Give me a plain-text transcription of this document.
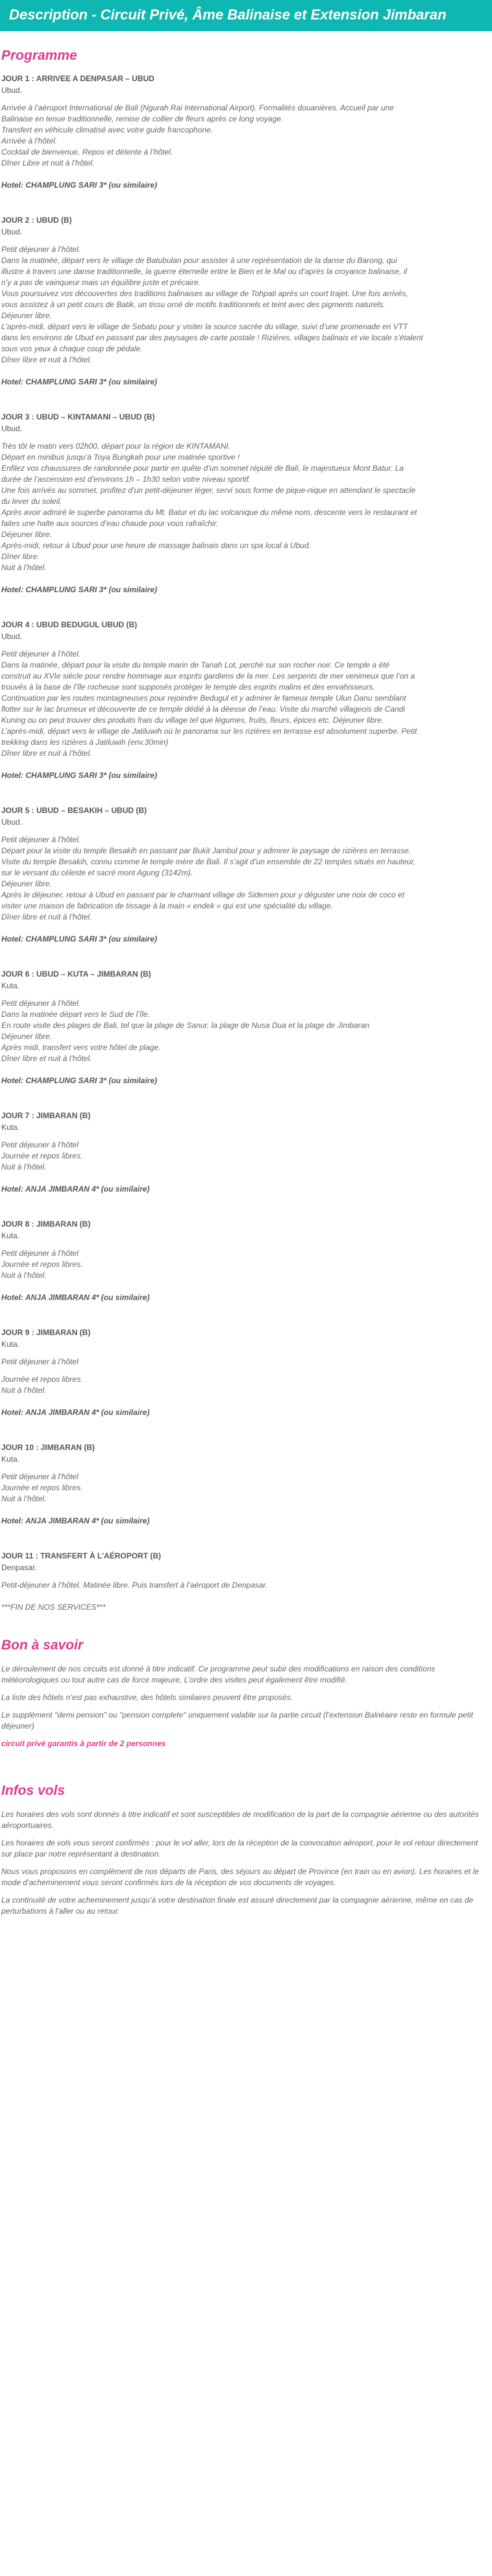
Description - Circuit Privé, Âme Balinaise et Extension Jimbaran
Programme
JOUR 1 : ARRIVEE A DENPASAR – UBUD
Ubud.
Arrivée à l’aéroport International de Bali (Ngurah Rai International Airport). Formalités douanières. Accueil par une
Balinaise en tenue traditionnelle, remise de collier de fleurs après ce long voyage.
Transfert en véhicule climatisé avec votre guide francophone.
Arrivée à l’hôtel.
Cocktail de bienvenue, Repos et détente à l’hôtel.
Dîner Libre et nuit à l’hôtel.
Hotel: CHAMPLUNG SARI 3* (ou similaire)
JOUR 2 : UBUD (B)
Ubud.
Petit déjeuner à l’hôtel.
Dans la matinée, départ vers le village de Batubulan pour assister à une représentation de la danse du Barong, qui
illustre à travers une danse traditionnelle, la guerre éternelle entre le Bien et le Mal ou d’après la croyance balinaise, il
n’y a pas de vainqueur mais un équilibre juste et précaire.
Vous poursuivez vos découvertes des traditions balinaises au village de Tohpati après un court trajet. Une fois arrivés,
vous assistez à un petit cours de Batik, un tissu orné de motifs traditionnels et teint avec des pigments naturels.
Déjeuner libre.
L’après-midi, départ vers le village de Sebatu pour y visiter la source sacrée du village, suivi d’une promenade en VTT
dans les environs de Ubud en passant par des paysages de carte postale ! Rizières, villages balinais et vie locale s’étalent
sous vos yeux à chaque coup de pédale.
Dîner libre et nuit à l’hôtel.
Hotel: CHAMPLUNG SARI 3* (ou similaire)
JOUR 3 : UBUD – KINTAMANI – UBUD (B)
Ubud.
Très tôt le matin vers 02h00, départ pour la région de KINTAMANI.
Départ en minibus jusqu’à Toya Bungkah pour une matinée sportive !
Enfilez vos chaussures de randonnée pour partir en quête d’un sommet réputé de Bali, le majestueux Mont Batur. La
durée de l’ascension est d’environs 1h – 1h30 selon votre niveau sportif.
Une fois arrivés au sommet, profitez d’un petit-déjeuner léger, servi sous forme de pique-nique en attendant le spectacle
du lever du soleil.
Après avoir admiré le superbe panorama du Mt. Batur et du lac volcanique du même nom, descente vers le restaurant et
faites une halte aux sources d’eau chaude pour vous rafraîchir.
Déjeuner libre.
Après-midi, retour à Ubud pour une heure de massage balinais dans un spa local à Ubud.
Dîner libre.
Nuit à l’hôtel.
Hotel: CHAMPLUNG SARI 3* (ou similaire)
JOUR 4 : UBUD BEDUGUL UBUD (B)
Ubud.
Petit déjeuner à l’hôtel.
Dans la matinée, départ pour la visite du temple marin de Tanah Lot, perché sur son rocher noir. Ce temple a été
construit au XVIe siècle pour rendre hommage aux esprits gardiens de la mer. Les serpents de mer venimeux que l’on a
trouvés à la base de l’île rocheuse sont supposés protéger le temple des esprits malins et des envahisseurs.
Continuation par les routes montagneuses pour rejoindre Bedugul et y admirer le fameux temple Ulun Danu semblant
flotter sur le lac brumeux et découverte de ce temple dédié à la déesse de l’eau. Visite du marché villageois de Candi
Kuning ou on peut trouver des produits frais du village tel que légumes, fruits, fleurs, épices etc. Déjeuner libre.
L’après-midi, départ vers le village de Jatiluwih où le panorama sur les rizières en terrasse est absolument superbe. Petit
trekking dans les rizières à Jatiluwih (env.30min)
Dîner libre et nuit à l’hôtel.
Hotel: CHAMPLUNG SARI 3* (ou similaire)
JOUR 5 : UBUD – BESAKIH – UBUD (B)
Ubud.
Petit déjeuner à l’hôtel.
Départ pour la visite du temple Besakih en passant par Bukit Jambul pour y admirer le paysage de rizières en terrasse.
Visite du temple Besakih, connu comme le temple mère de Bali. Il s’agit d’un ensemble de 22 temples situés en hauteur,
sur le versant du céleste et sacré mont Agung (3142m).
Déjeuner libre.
Après le déjeuner, retour à Ubud en passant par le charmant village de Sidemen pour y déguster une noix de coco et
visiter une maison de fabrication de tissage à la main « endek » qui est une spécialité du village.
Dîner libre et nuit à l’hôtel.
Hotel: CHAMPLUNG SARI 3* (ou similaire)
JOUR 6 : UBUD – KUTA – JIMBARAN (B)
Kuta.
Petit déjeuner à l’hôtel.
Dans la matinée départ vers le Sud de l’île.
En route visite des plages de Bali, tel que la plage de Sanur, la plage de Nusa Dua et la plage de Jimbaran
Déjeuner libre.
Après midi, transfert vers votre hôtel de plage.
Dîner libre et nuit à l’hôtel.
Hotel: CHAMPLUNG SARI 3* (ou similaire)
JOUR 7 : JIMBARAN (B)
Kuta.
Petit déjeuner à l’hôtel
Journée et repos libres.
Nuit à l’hôtel.
Hotel: ANJA JIMBARAN 4* (ou similaire)
JOUR 8 : JIMBARAN (B)
Kuta.
Petit déjeuner à l’hôtel
Journée et repos libres.
Nuit à l’hôtel.
Hotel: ANJA JIMBARAN 4* (ou similaire)
JOUR 9 : JIMBARAN (B)
Kuta.
Petit déjeuner à l’hôtel
Journée et repos libres.
Nuit à l’hôtel.
Hotel: ANJA JIMBARAN 4* (ou similaire)
JOUR 10 : JIMBARAN (B)
Kuta.
Petit déjeuner à l’hôtel
Journée et repos libres.
Nuit à l’hôtel.
Hotel: ANJA JIMBARAN 4* (ou similaire)
JOUR 11 : TRANSFERT À L’AÉROPORT (B)
Denpasar.
Petit-déjeuner à l’hôtel. Matinée libre. Puis transfert à l’aéroport de Denpasar.
***FIN DE NOS SERVICES***
Bon à savoir

Le déroulement de nos circuits est donné à titre indicatif. Ce programme peut subir des modifications en raison des conditions météorologiques ou tout autre cas de force majeure, L’ordre des visites peut également être modifié.

La liste des hôtels n’est pas exhaustive, des hôtels similaires peuvent être proposés.

Le supplément "demi pension" ou "pension complete" uniquement valable sur la partie circuit (l’extension Balnéaire reste en formule petit déjeuner)

circuit privé garantis à partir de 2 personnes

Infos vols

Les horaires des vols sont donnés à titre indicatif et sont susceptibles de modification de la part de la compagnie aérienne ou des autorités aéroportuaires.

Les horaires de vols vous seront confirmés : pour le vol aller, lors de la réception de la convocation aéroport, pour le vol retour directement sur place par notre représentant à destination.

Nous vous proposons en complément de nos départs de Paris, des séjours au départ de Province (en train ou en avion). Les horaires et le mode d’acheminement vous seront confirmés lors de la réception de vos documents de voyages.

La continuité de votre acheminement jusqu’à votre destination finale est assuré directement par la compagnie aérienne, même en cas de perturbations à l’aller ou au retour.
